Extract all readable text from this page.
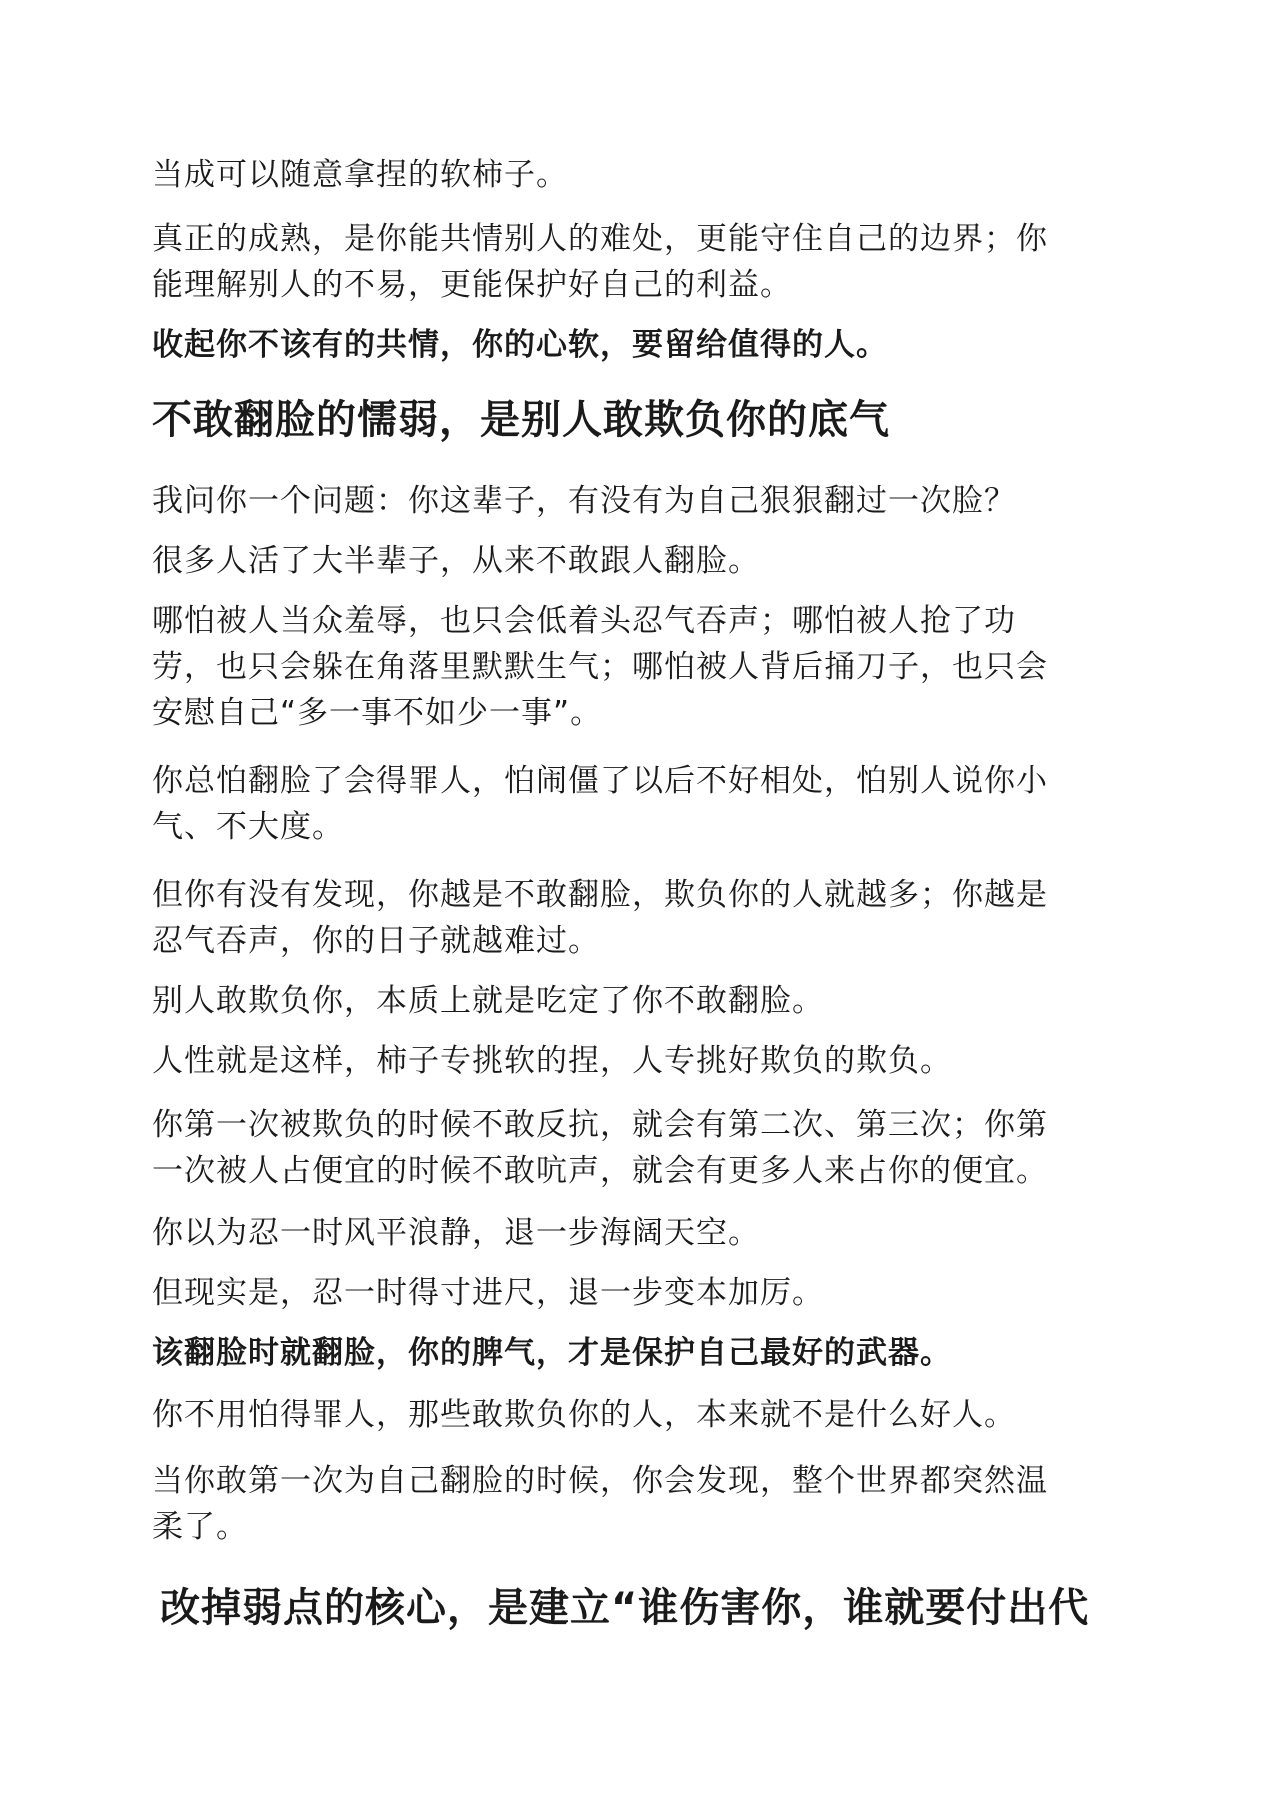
当成可以随意拿捏的软柿子。

真正的成熟，是你能共情别人的难处，更能守住自己的边界；你
能理解别人的不易，更能保护好自己的利益。

收起你不该有的共情，你的心软，要留给值得的人。

不敢翻脸的懦弱，是别人敢欺负你的底气

我问你一个问题：你这辈子，有没有为自己狠狠翻过一次脸？

很多人活了大半辈子，从来不敢跟人翻脸。

哪怕被人当众羞辱，也只会低着头忍气吞声；哪怕被人抢了功
劳，也只会躲在角落里默默生气；哪怕被人背后捅刀子，也只会
安慰自己“多一事不如少一事”。

你总怕翻脸了会得罪人，怕闹僵了以后不好相处，怕别人说你小
气、不大度。

但你有没有发现，你越是不敢翻脸，欺负你的人就越多；你越是
忍气吞声，你的日子就越难过。

别人敢欺负你，本质上就是吃定了你不敢翻脸。

人性就是这样，柿子专挑软的捏，人专挑好欺负的欺负。

你第一次被欺负的时候不敢反抗，就会有第二次、第三次；你第
一次被人占便宜的时候不敢吭声，就会有更多人来占你的便宜。

你以为忍一时风平浪静，退一步海阔天空。

但现实是，忍一时得寸进尺，退一步变本加厉。

该翻脸时就翻脸，你的脾气，才是保护自己最好的武器。

你不用怕得罪人，那些敢欺负你的人，本来就不是什么好人。

当你敢第一次为自己翻脸的时候，你会发现，整个世界都突然温
柔了。

改掉弱点的核心，是建立“谁伤害你，谁就要付出代
